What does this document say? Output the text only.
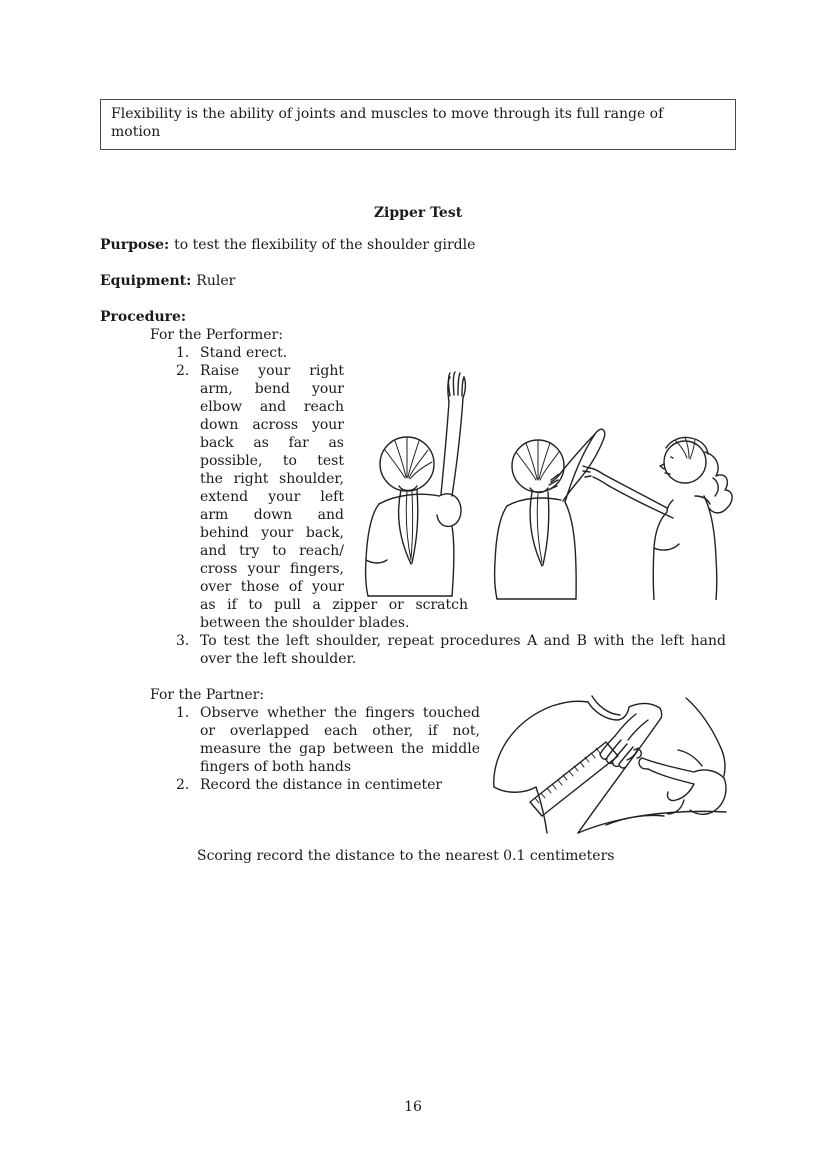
Flexibility is the ability of joints and muscles to move through its full range of
motion
Zipper Test
Purpose: to test the flexibility of the shoulder girdle
Equipment: Ruler
Procedure:
For the Performer:
1. Stand erect.
2. Raise your right
arm, bend your
elbow and reach
down across your
back as far as
possible, to test
the right shoulder,
extend your left
arm down and
behind your back,
and try to reach/
cross your fingers,
over those of your
as if to pull a zipper or scratch
between the shoulder blades.
3. To test the left shoulder, repeat procedures A and B with the left hand
over the left shoulder.
For the Partner:
1. Observe whether the fingers touched
or overlapped each other, if not,
measure the gap between the middle
fingers of both hands
2. Record the distance in centimeter
Scoring record the distance to the nearest 0.1 centimeters
16
